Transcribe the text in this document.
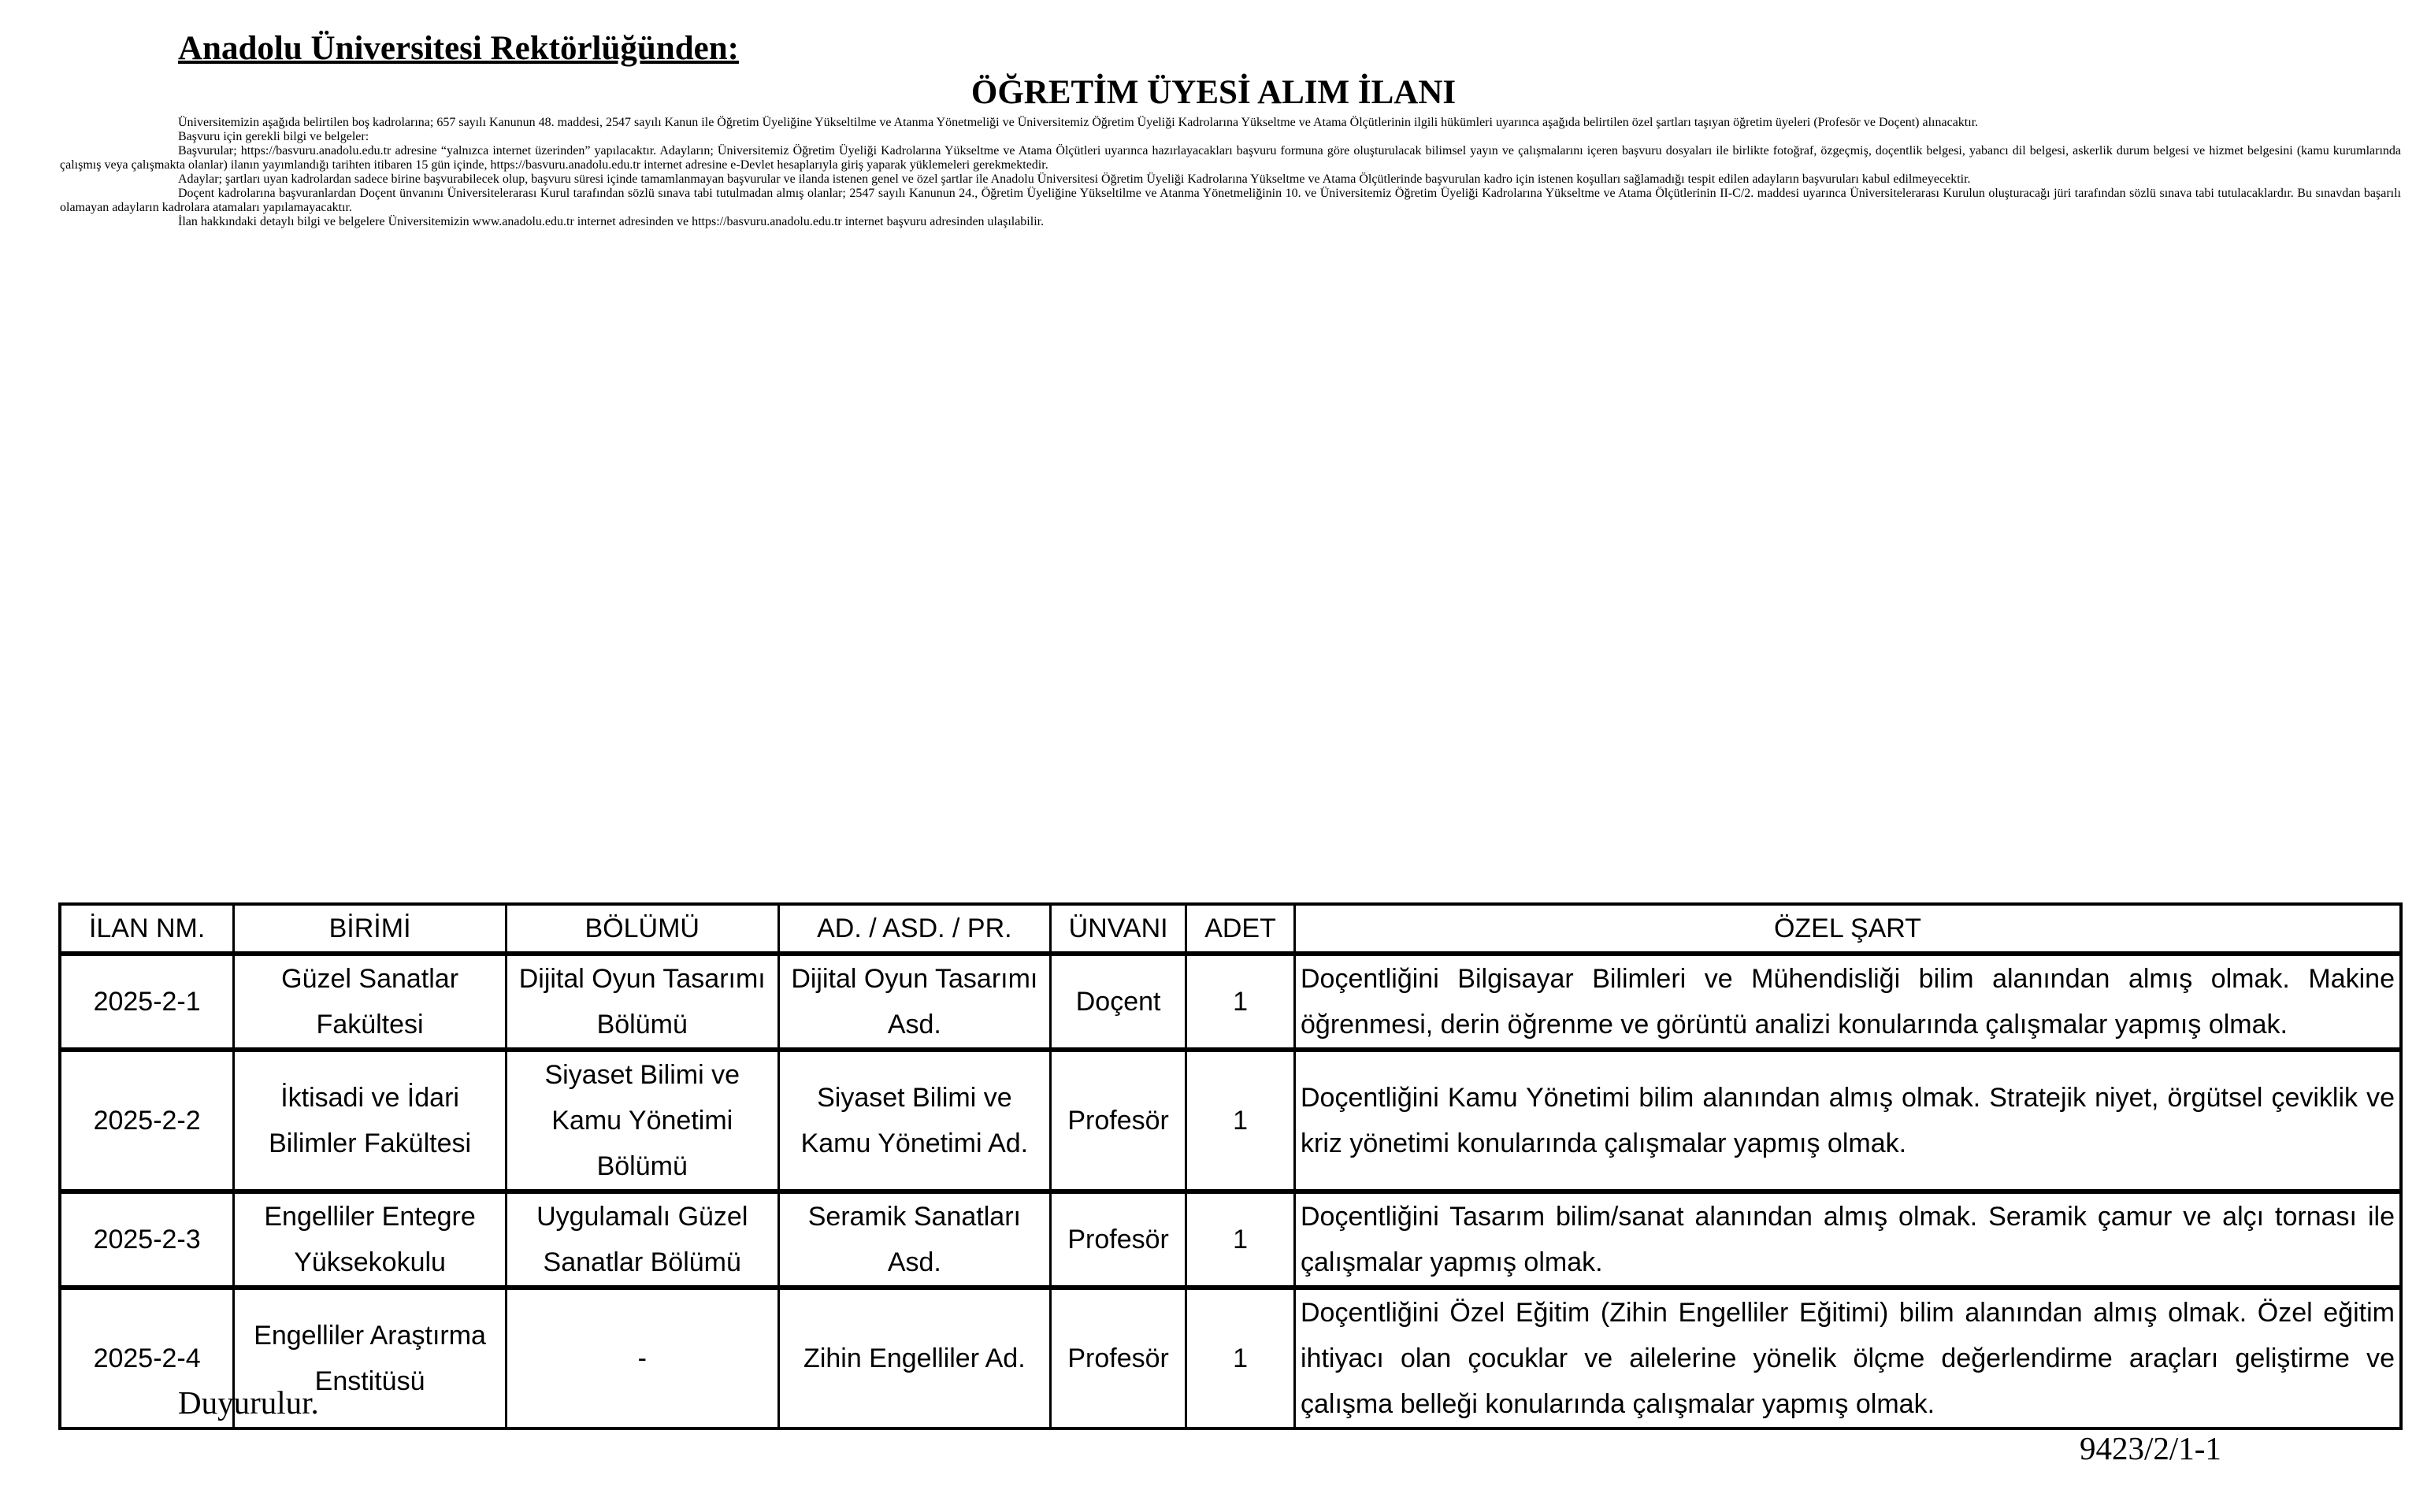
Anadolu Üniversitesi Rektörlüğünden:
ÖĞRETİM ÜYESİ ALIM İLANI

Üniversitemizin aşağıda belirtilen boş kadrolarına; 657 sayılı Kanunun 48. maddesi, 2547 sayılı Kanun ile Öğretim Üyeliğine Yükseltilme ve Atanma Yönetmeliği ve Üniversitemiz Öğretim Üyeliği Kadrolarına Yükseltme ve Atama Ölçütlerinin ilgili hükümleri uyarınca aşağıda belirtilen özel şartları taşıyan öğretim üyeleri (Profesör ve Doçent) alınacaktır.

Başvuru için gerekli bilgi ve belgeler:

Başvurular; https://basvuru.anadolu.edu.tr adresine “yalnızca internet üzerinden” yapılacaktır. Adayların; Üniversitemiz Öğretim Üyeliği Kadrolarına Yükseltme ve Atama Ölçütleri uyarınca hazırlayacakları başvuru formuna göre oluşturulacak bilimsel yayın ve çalışmalarını içeren başvuru dosyaları ile birlikte fotoğraf, özgeçmiş, doçentlik belgesi, yabancı dil belgesi, askerlik durum belgesi ve hizmet belgesini (kamu kurumlarında çalışmış veya çalışmakta olanlar) ilanın yayımlandığı tarihten itibaren 15 gün içinde, https://basvuru.anadolu.edu.tr internet adresine e-Devlet hesaplarıyla giriş yaparak yüklemeleri gerekmektedir.

Adaylar; şartları uyan kadrolardan sadece birine başvurabilecek olup, başvuru süresi içinde tamamlanmayan başvurular ve ilanda istenen genel ve özel şartlar ile Anadolu Üniversitesi Öğretim Üyeliği Kadrolarına Yükseltme ve Atama Ölçütlerinde başvurulan kadro için istenen koşulları sağlamadığı tespit edilen adayların başvuruları kabul edilmeyecektir.

Doçent kadrolarına başvuranlardan Doçent ünvanını Üniversitelerarası Kurul tarafından sözlü sınava tabi tutulmadan almış olanlar; 2547 sayılı Kanunun 24., Öğretim Üyeliğine Yükseltilme ve Atanma Yönetmeliğinin 10. ve Üniversitemiz Öğretim Üyeliği Kadrolarına Yükseltme ve Atama Ölçütlerinin II-C/2. maddesi uyarınca Üniversitelerarası Kurulun oluşturacağı jüri tarafından sözlü sınava tabi tutulacaklardır. Bu sınavdan başarılı olamayan adayların kadrolara atamaları yapılamayacaktır.

İlan hakkındaki detaylı bilgi ve belgelere Üniversitemizin www.anadolu.edu.tr internet adresinden ve https://basvuru.anadolu.edu.tr internet başvuru adresinden ulaşılabilir.

İLAN NM.	BİRİMİ	BÖLÜMÜ	AD. / ASD. / PR.	ÜNVANI	ADET	ÖZEL ŞART
2025-2-1	Güzel Sanatlar Fakültesi	Dijital Oyun Tasarımı Bölümü	Dijital Oyun Tasarımı Asd.	Doçent	1	Doçentliğini Bilgisayar Bilimleri ve Mühendisliği bilim alanından almış olmak. Makine öğrenmesi, derin öğrenme ve görüntü analizi konularında çalışmalar yapmış olmak.
2025-2-2	İktisadi ve İdari Bilimler Fakültesi	Siyaset Bilimi ve Kamu Yönetimi Bölümü	Siyaset Bilimi ve Kamu Yönetimi Ad.	Profesör	1	Doçentliğini Kamu Yönetimi bilim alanından almış olmak. Stratejik niyet, örgütsel çeviklik ve kriz yönetimi konularında çalışmalar yapmış olmak.
2025-2-3	Engelliler Entegre Yüksekokulu	Uygulamalı Güzel Sanatlar Bölümü	Seramik Sanatları Asd.	Profesör	1	Doçentliğini Tasarım bilim/sanat alanından almış olmak. Seramik çamur ve alçı tornası ile çalışmalar yapmış olmak.
2025-2-4	Engelliler Araştırma Enstitüsü	-	Zihin Engelliler Ad.	Profesör	1	Doçentliğini Özel Eğitim (Zihin Engelliler Eğitimi) bilim alanından almış olmak. Özel eğitim ihtiyacı olan çocuklar ve ailelerine yönelik ölçme değerlendirme araçları geliştirme ve çalışma belleği konularında çalışmalar yapmış olmak.
Duyurulur.
9423/2/1-1
